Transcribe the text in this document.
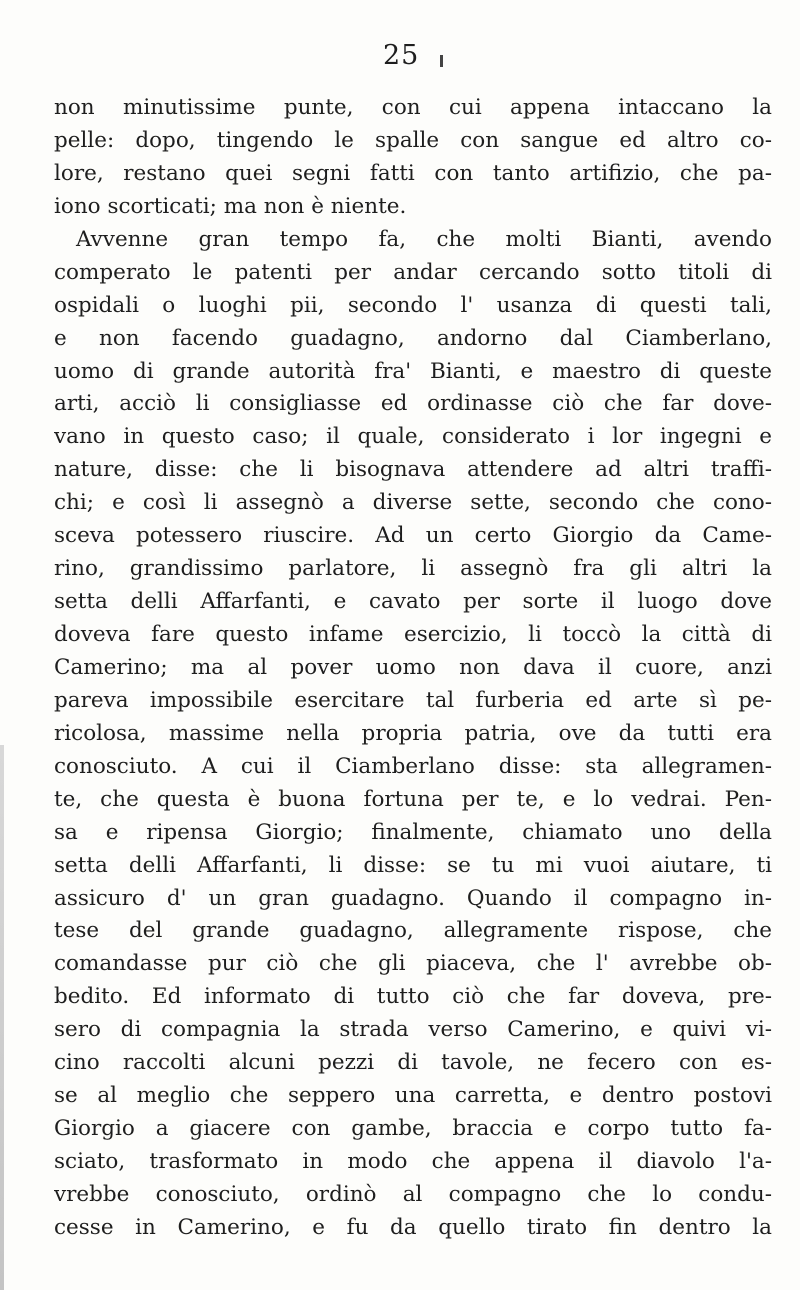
25
non minutissime punte, con cui appena intaccano la
pelle: dopo, tingendo le spalle con sangue ed altro co-
lore, restano quei segni fatti con tanto artifizio, che pa-
iono scorticati; ma non è niente.
Avvenne gran tempo fa, che molti Bianti, avendo
comperato le patenti per andar cercando sotto titoli di
ospidali o luoghi pii, secondo l' usanza di questi tali,
e non facendo guadagno, andorno dal Ciamberlano,
uomo di grande autorità fra' Bianti, e maestro di queste
arti, acciò li consigliasse ed ordinasse ciò che far dove-
vano in questo caso; il quale, considerato i lor ingegni e
nature, disse: che li bisognava attendere ad altri traffi-
chi; e così li assegnò a diverse sette, secondo che cono-
sceva potessero riuscire. Ad un certo Giorgio da Came-
rino, grandissimo parlatore, li assegnò fra gli altri la
setta delli Affarfanti, e cavato per sorte il luogo dove
doveva fare questo infame esercizio, li toccò la città di
Camerino; ma al pover uomo non dava il cuore, anzi
pareva impossibile esercitare tal furberia ed arte sì pe-
ricolosa, massime nella propria patria, ove da tutti era
conosciuto. A cui il Ciamberlano disse: sta allegramen-
te, che questa è buona fortuna per te, e lo vedrai. Pen-
sa e ripensa Giorgio; finalmente, chiamato uno della
setta delli Affarfanti, li disse: se tu mi vuoi aiutare, ti
assicuro d' un gran guadagno. Quando il compagno in-
tese del grande guadagno, allegramente rispose, che
comandasse pur ciò che gli piaceva, che l' avrebbe ob-
bedito. Ed informato di tutto ciò che far doveva, pre-
sero di compagnia la strada verso Camerino, e quivi vi-
cino raccolti alcuni pezzi di tavole, ne fecero con es-
se al meglio che seppero una carretta, e dentro postovi
Giorgio a giacere con gambe, braccia e corpo tutto fa-
sciato, trasformato in modo che appena il diavolo l'a-
vrebbe conosciuto, ordinò al compagno che lo condu-
cesse in Camerino, e fu da quello tirato fin dentro la
